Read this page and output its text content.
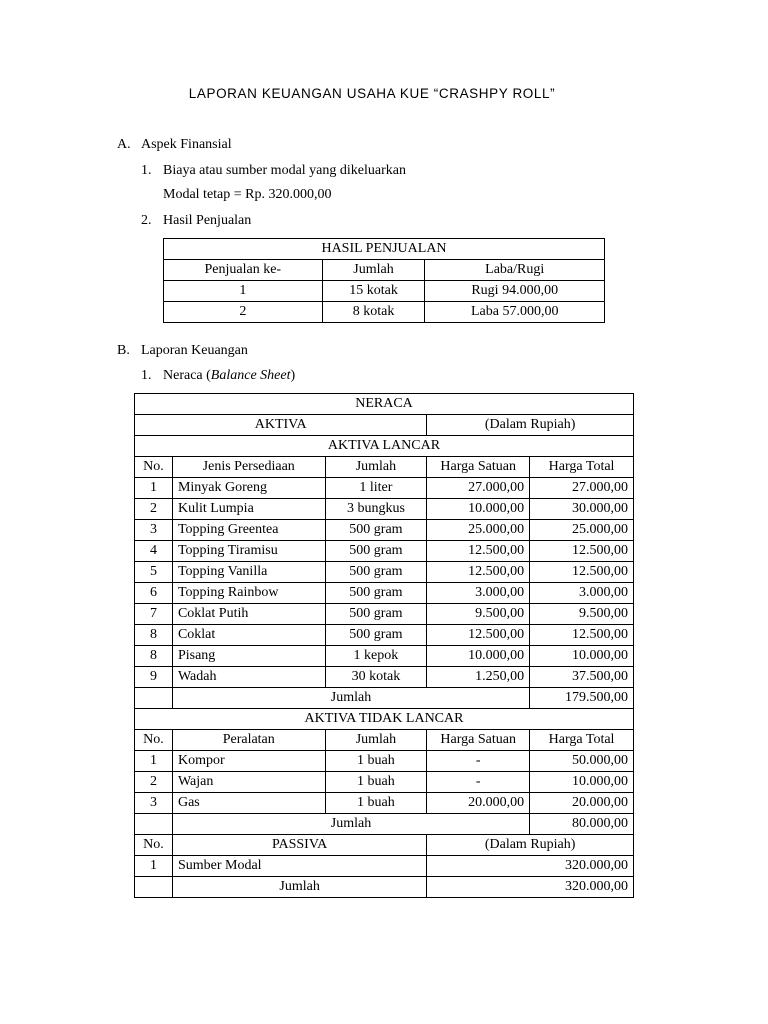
LAPORAN KEUANGAN USAHA KUE “CRASHPY ROLL”
A. Aspek Finansial
1. Biaya atau sumber modal yang dikeluarkan
Modal tetap = Rp. 320.000,00
2. Hasil Penjualan
HASIL PENJUALAN		
Penjualan ke-	Jumlah	Laba/Rugi
1	15 kotak	Rugi 94.000,00
2	8 kotak	Laba 57.000,00
B. Laporan Keuangan
1. Neraca (Balance Sheet)
NERACA				
AKTIVA			(Dalam Rupiah)	
AKTIVA LANCAR				
No.	Jenis Persediaan	Jumlah	Harga Satuan	Harga Total
1	Minyak Goreng	1 liter	27.000,00	27.000,00
2	Kulit Lumpia	3 bungkus	10.000,00	30.000,00
3	Topping Greentea	500 gram	25.000,00	25.000,00
4	Topping Tiramisu	500 gram	12.500,00	12.500,00
5	Topping Vanilla	500 gram	12.500,00	12.500,00
6	Topping Rainbow	500 gram	3.000,00	3.000,00
7	Coklat Putih	500 gram	9.500,00	9.500,00
8	Coklat	500 gram	12.500,00	12.500,00
8	Pisang	1 kepok	10.000,00	10.000,00
9	Wadah	30 kotak	1.250,00	37.500,00
	Jumlah			179.500,00
AKTIVA TIDAK LANCAR				
No.	Peralatan	Jumlah	Harga Satuan	Harga Total
1	Kompor	1 buah	-	50.000,00
2	Wajan	1 buah	-	10.000,00
3	Gas	1 buah	20.000,00	20.000,00
	Jumlah			80.000,00
No.	PASSIVA		(Dalam Rupiah)	
1	Sumber Modal		320.000,00	
	Jumlah		320.000,00	
